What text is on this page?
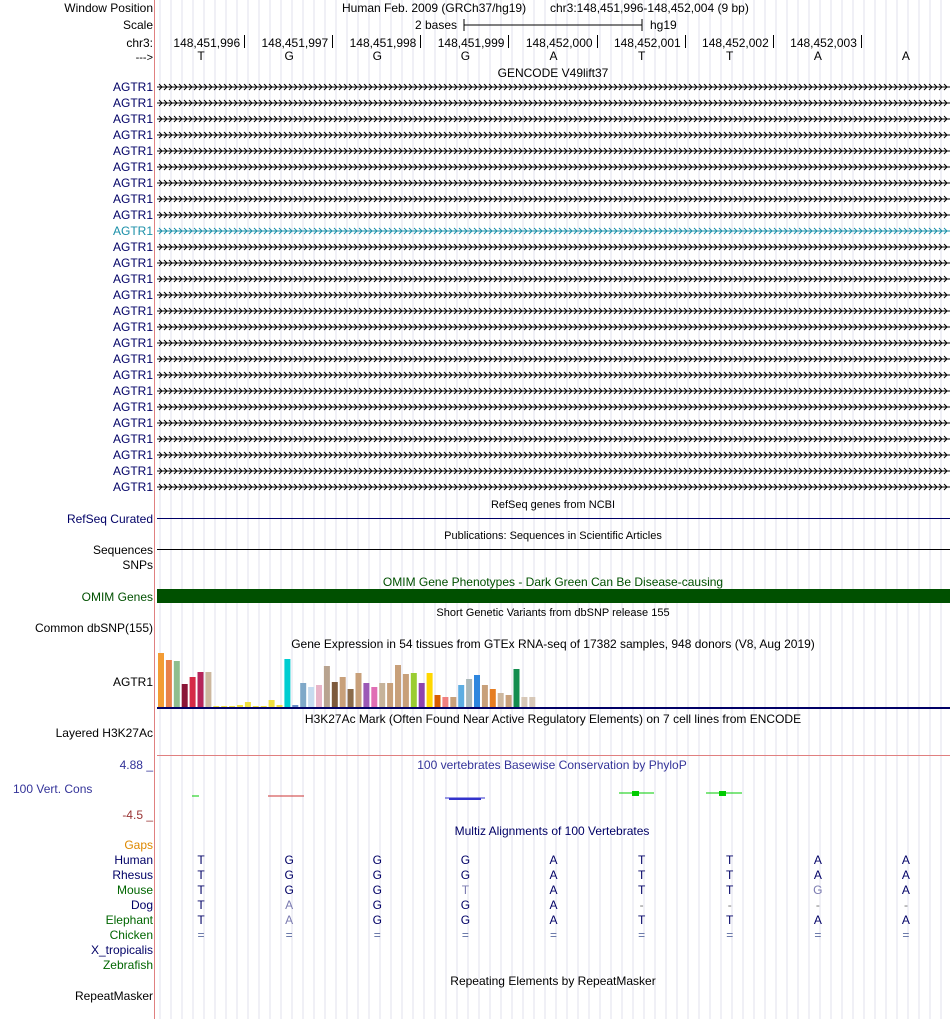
Window Position	Human Feb. 2009 (GRCh37/hg19) chr3:148,451,996-148,452,004 (9 bp)
Scale	2 bases	hg19
chr3: 148,451,996 148,451,997 148,451,998 148,451,999 148,452,000 148,452,001 148,452,002 148,452,003
--->	T	G	G	G	A	T	T	A	A
GENCODE V49lift37
AGTR1
AGTR1
AGTR1
AGTR1
AGTR1
AGTR1
AGTR1
AGTR1
AGTR1
AGTR1
AGTR1
AGTR1
AGTR1
AGTR1
AGTR1
AGTR1
AGTR1
AGTR1
AGTR1
AGTR1
AGTR1
AGTR1
AGTR1
AGTR1
AGTR1
AGTR1
RefSeq genes from NCBI
RefSeq Curated
Publications: Sequences in Scientific Articles
Sequences
SNPs
OMIM Gene Phenotypes - Dark Green Can Be Disease-causing
OMIM Genes
Short Genetic Variants from dbSNP release 155
Common dbSNP(155)
Gene Expression in 54 tissues from GTEx RNA-seq of 17382 samples, 948 donors (V8, Aug 2019)
AGTR1
H3K27Ac Mark (Often Found Near Active Regulatory Elements) on 7 cell lines from ENCODE
Layered H3K27Ac
4.88 _	100 vertebrates Basewise Conservation by PhyloP
100 Vert. Cons
-4.5 _
Multiz Alignments of 100 Vertebrates
Gaps
Human	T	G	G	G	A	T	T	A	A
Rhesus	T	G	G	G	A	T	T	A	A
Mouse	T	G	G	T	A	T	T	G	A
Dog	T	A	G	G	A	-	-	-	-
Elephant	T	A	G	G	A	T	T	A	A
Chicken	=	=	=	=	=	=	=	=	=
X_tropicalis
Zebrafish
Repeating Elements by RepeatMasker
RepeatMasker
